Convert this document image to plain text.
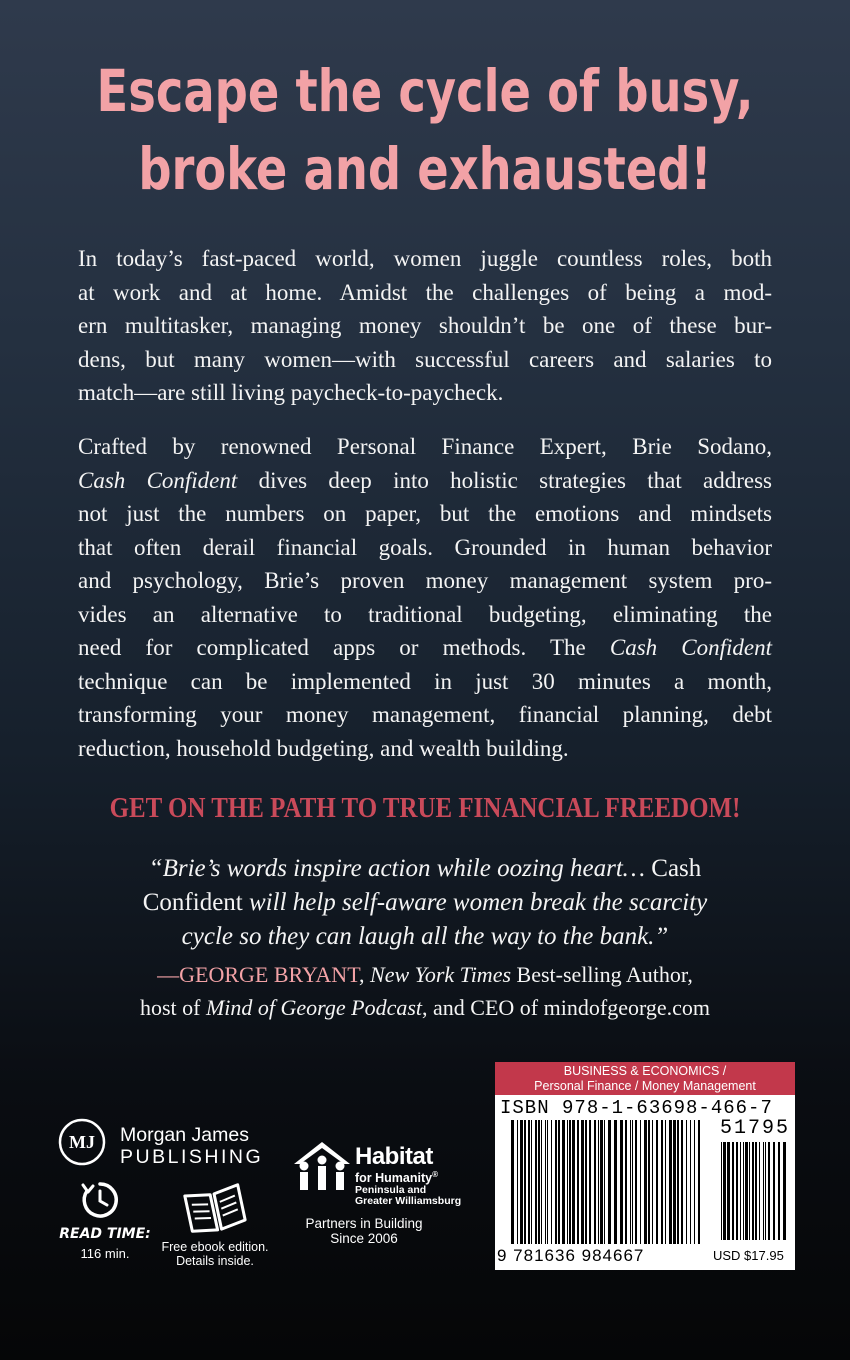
Escape the cycle of busy,
broke and exhausted!
In today’s fast-paced world, women juggle countless roles, both
at work and at home. Amidst the challenges of being a mod-
ern multitasker, managing money shouldn’t be one of these bur-
dens, but many women—with successful careers and salaries to
match—are still living paycheck-to-paycheck.
Crafted by renowned Personal Finance Expert, Brie Sodano,
Cash Confident dives deep into holistic strategies that address
not just the numbers on paper, but the emotions and mindsets
that often derail financial goals. Grounded in human behavior
and psychology, Brie’s proven money management system pro-
vides an alternative to traditional budgeting, eliminating the
need for complicated apps or methods. The Cash Confident
technique can be implemented in just 30 minutes a month,
transforming your money management, financial planning, debt
reduction, household budgeting, and wealth building.
GET ON THE PATH TO TRUE FINANCIAL FREEDOM!
“Brie’s words inspire action while oozing heart… Cash
Confident will help self-aware women break the scarcity
cycle so they can laugh all the way to the bank.”
—GEORGE BRYANT, New York Times Best-selling Author,
host of Mind of George Podcast, and CEO of mindofgeorge.com
MJ Morgan James
PUBLISHING
READ TIME:
116 min.	Free ebook edition.
Details inside.
Habitat
for Humanity®
Peninsula and
Greater Williamsburg
Partners in Building
Since 2006
BUSINESS & ECONOMICS /
Personal Finance / Money Management
ISBN 978-1-63698-466-7
51795
9 781636 984667	USD $17.95
